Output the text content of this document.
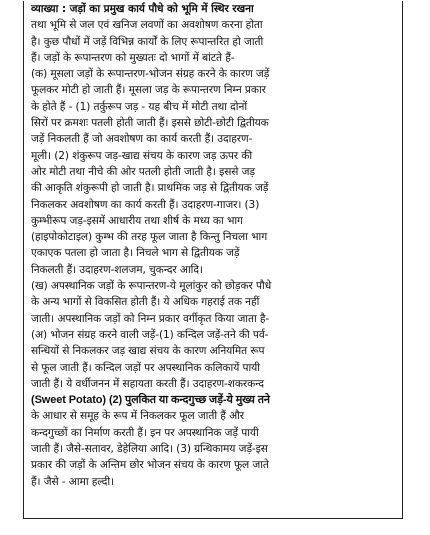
व्याख्या : जड़ों का प्रमुख कार्य पौधे को भूमि में स्थिर रखना
तथा भूमि से जल एवं खनिज लवणों का अवशोषण करना होता
है। कुछ पौधों में जड़ें विभिन्न कार्यों के लिए रूपान्तरित हो जाती
हैं। जड़ों के रूपान्तरण को मुख्यतः दो भागों में बांटते हैं-
(क) मूसला जड़ों के रूपान्तरण-भोजन संग्रह करने के कारण जड़ें
फूलकर मोटी हो जाती हैं। मूसला जड़ के रूपान्तरण निम्न प्रकार
के होते हैं - (1) तर्कुरूप जड़ - यह बीच में मोटी तथा दोनों
सिरों पर क्रमशः पतली होती जाती हैं। इससे छोटी-छोटी द्वितीयक
जड़ें निकलती हैं जो अवशोषण का कार्य करती हैं। उदाहरण-
मूली। (2) शंकुरूप जड़-खाद्य संचय के कारण जड़ ऊपर की
ओर मोटी तथा नीचे की ओर पतली होती जाती है। इससे जड़
की आकृति शंकुरूपी हो जाती है। प्राथमिक जड़ से द्वितीयक जड़ें
निकलकर अवशोषण का कार्य करती हैं। उदाहरण-गाजर। (3)
कुम्भीरूप जड़-इसमें आधारीय तथा शीर्ष के मध्य का भाग
(हाइपोकोटाइल) कुम्भ की तरह फूल जाता है किन्तु निचला भाग
एकाएक पतला हो जाता है। निचले भाग से द्वितीयक जड़ें
निकलती हैं। उदाहरण-शलजम, चुकन्दर आदि।
(ख) अपस्थानिक जड़ों के रूपान्तरण-ये मूलांकुर को छोड़कर पौधे
के अन्य भागों से विकसित होती हैं। ये अधिक गहराई तक नहीं
जाती। अपस्थानिक जड़ों को निम्न प्रकार वर्गीकृत किया जाता है-
(अ) भोजन संग्रह करने वाली जड़ें-(1) कन्दिल जड़ें-तने की पर्व-
सन्धियों से निकलकर जड़ खाद्य संचय के कारण अनियमित रूप
से फूल जाती हैं। कन्दिल जड़ों पर अपस्थानिक कलिकायें पायी
जाती हैं। ये वर्धीजनन में सहायता करती हैं। उदाहरण-शकरकन्द
(Sweet Potato) (2) पुलकित या कन्दगुच्छ जड़ें-ये मुख्य तने
के आधार से समूह के रूप में निकलकर फूल जाती हैं और
कन्दगुच्छों का निर्माण करती हैं। इन पर अपस्थानिक जड़ें पायी
जाती हैं। जैसे-सतावर, डेहेलिया आदि। (3) ग्रन्थिकामय जड़ें-इस
प्रकार की जड़ों के अन्तिम छोर भोजन संचय के कारण फूल जाते
हैं। जैसे - आमा हल्दी।
